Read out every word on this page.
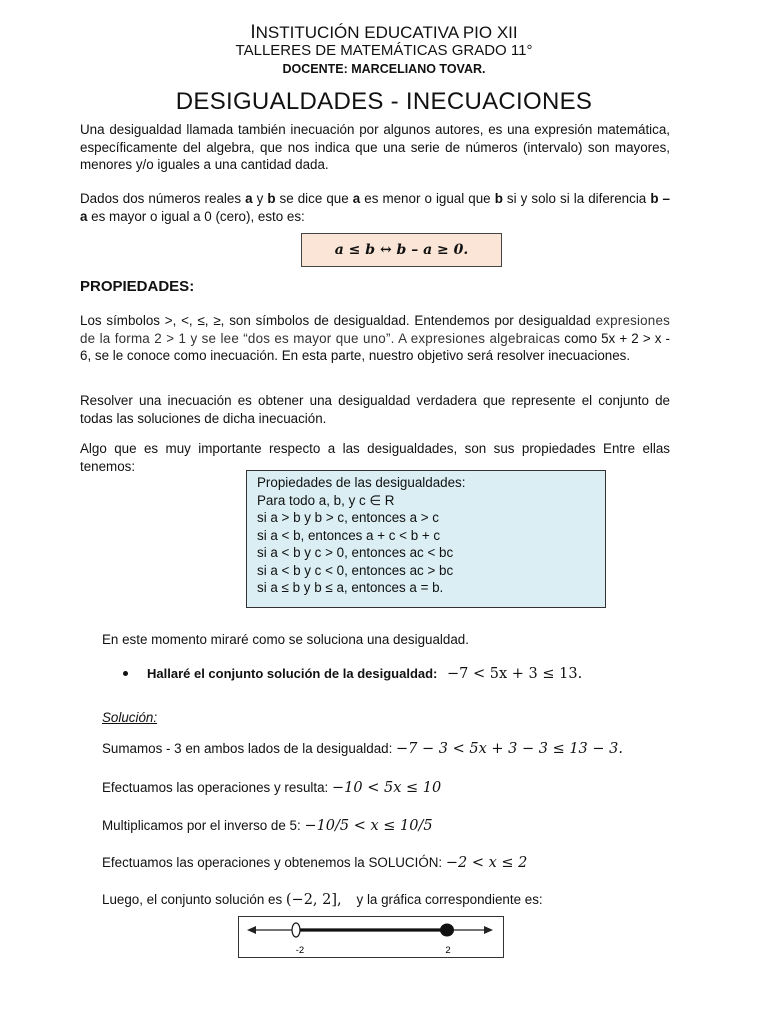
INSTITUCIÓN EDUCATIVA PIO XII
TALLERES DE MATEMÁTICAS GRADO 11°
DOCENTE: MARCELIANO TOVAR.
DESIGUALDADES - INECUACIONES
Una desigualdad llamada también inecuación por algunos autores, es una expresión matemática, específicamente del algebra, que nos indica que una serie de números (intervalo) son mayores, menores y/o iguales a una cantidad dada.
Dados dos números reales a y b se dice que a es menor o igual que b si y solo si la diferencia b – a es mayor o igual a 0 (cero), esto es:
a ≤ b ↔ b – a ≥ 0.
PROPIEDADES:
Los símbolos >, <, ≤, ≥, son símbolos de desigualdad. Entendemos por desigualdad expresiones de la forma 2 > 1 y se lee “dos es mayor que uno”. A expresiones algebraicas como 5x + 2 > x - 6, se le conoce como inecuación. En esta parte, nuestro objetivo será resolver inecuaciones.
Resolver una inecuación es obtener una desigualdad verdadera que represente el conjunto de todas las soluciones de dicha inecuación.
Algo que es muy importante respecto a las desigualdades, son sus propiedades Entre ellas tenemos:
Propiedades de las desigualdades:
Para todo a, b, y c ∈ R
si a > b y b > c, entonces a > c
si a < b, entonces a + c < b + c
si a < b y c > 0, entonces ac < bc
si a < b y c < 0, entonces ac > bc
si a ≤ b y b ≤ a, entonces a = b.
En este momento miraré como se soluciona una desigualdad.
Hallaré el conjunto solución de la desigualdad: −7 < 5x + 3 ≤ 13.
Solución:
Sumamos - 3 en ambos lados de la desigualdad: −7 − 3 < 5x + 3 − 3 ≤ 13 − 3.
Efectuamos las operaciones y resulta: −10 < 5x ≤ 10
Multiplicamos por el inverso de 5: −10/5 < x ≤ 10/5
Efectuamos las operaciones y obtenemos la SOLUCIÓN: −2 < x ≤ 2
Luego, el conjunto solución es (−2, 2],    y la gráfica correspondiente es:
-2	2
